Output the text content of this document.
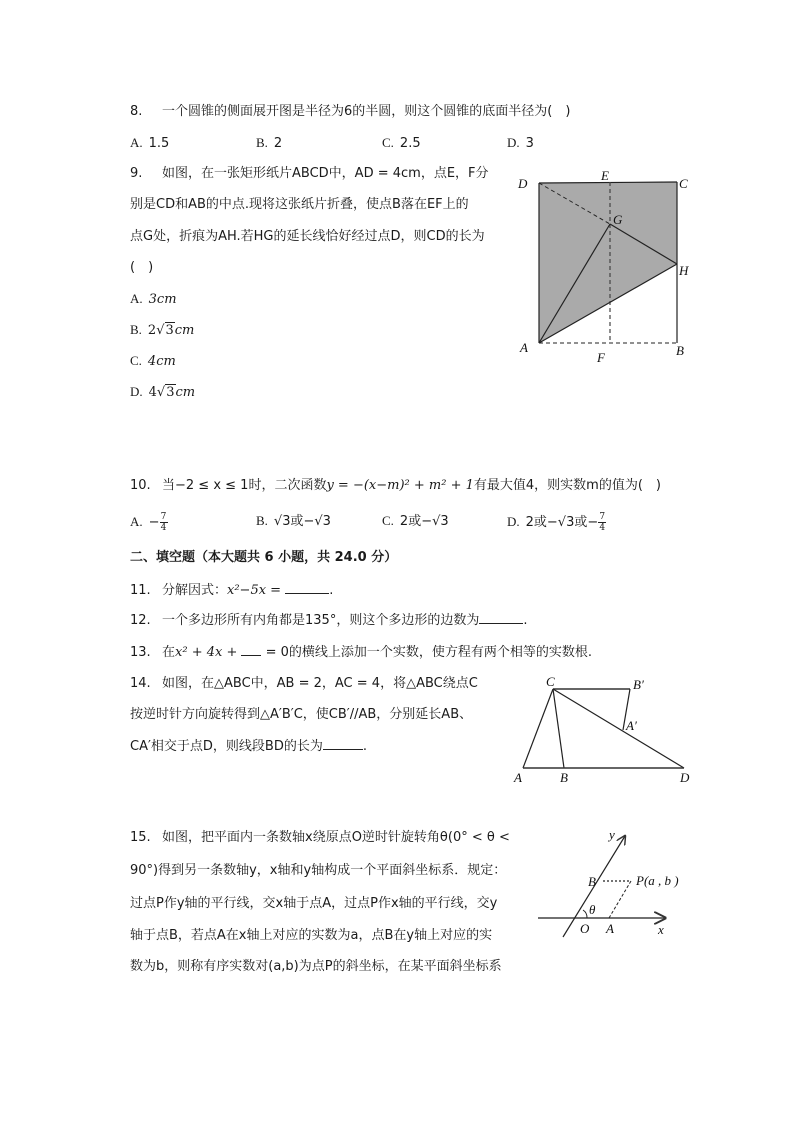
8. 一个圆锥的侧面展开图是半径为6的半圆，则这个圆锥的底面半径为(　)
A. 1.5	B. 2	C. 2.5	D. 3
9. 如图，在一张矩形纸片ABCD中，AD = 4cm，点E，F分
别是CD和AB的中点.现将这张纸片折叠，使点B落在EF上的
点G处，折痕为AH.若HG的延长线恰好经过点D，则CD的长为
(　)
A. 3cm
B. 2√3cm
C. 4cm
D. 4√3cm
D
E
C
G
H
A	B
F
10. 当−2 ≤ x ≤ 1时，二次函数y = −(x−m)² + m² + 1有最大值4，则实数m的值为(　)
A. − $\frac{7}{4}$	B. √3或−√3	C. 2或−√3	D. 2或−√3或− $\frac{7}{4}$
二、填空题（本大题共 6 小题，共 24.0 分）
11. 分解因式：x²−5x =	.
12. 一个多边形所有内角都是135°，则这个多边形的边数为	.
13. 在x² + 4x + = 0的横线上添加一个实数，使方程有两个相等的实数根.
14. 如图，在△ABC中，AB = 2，AC = 4，将△ABC绕点C
按逆时针方向旋转得到△A′B′C，使CB′//AB，分别延长AB、
CA′相交于点D，则线段BD的长为	.
C	B′
A′
A	B	D
15. 如图，把平面内一条数轴x绕原点O逆时针旋转角θ(0° < θ <
90°)得到另一条数轴y，x轴和y轴构成一个平面斜坐标系．规定：
过点P作y轴的平行线，交x轴于点A，过点P作x轴的平行线，交y
轴于点B，若点A在x轴上对应的实数为a，点B在y轴上对应的实
数为b，则称有序实数对(a,b)为点P的斜坐标，在某平面斜坐标系
y
B	P(a , b )
θ
O A	x
